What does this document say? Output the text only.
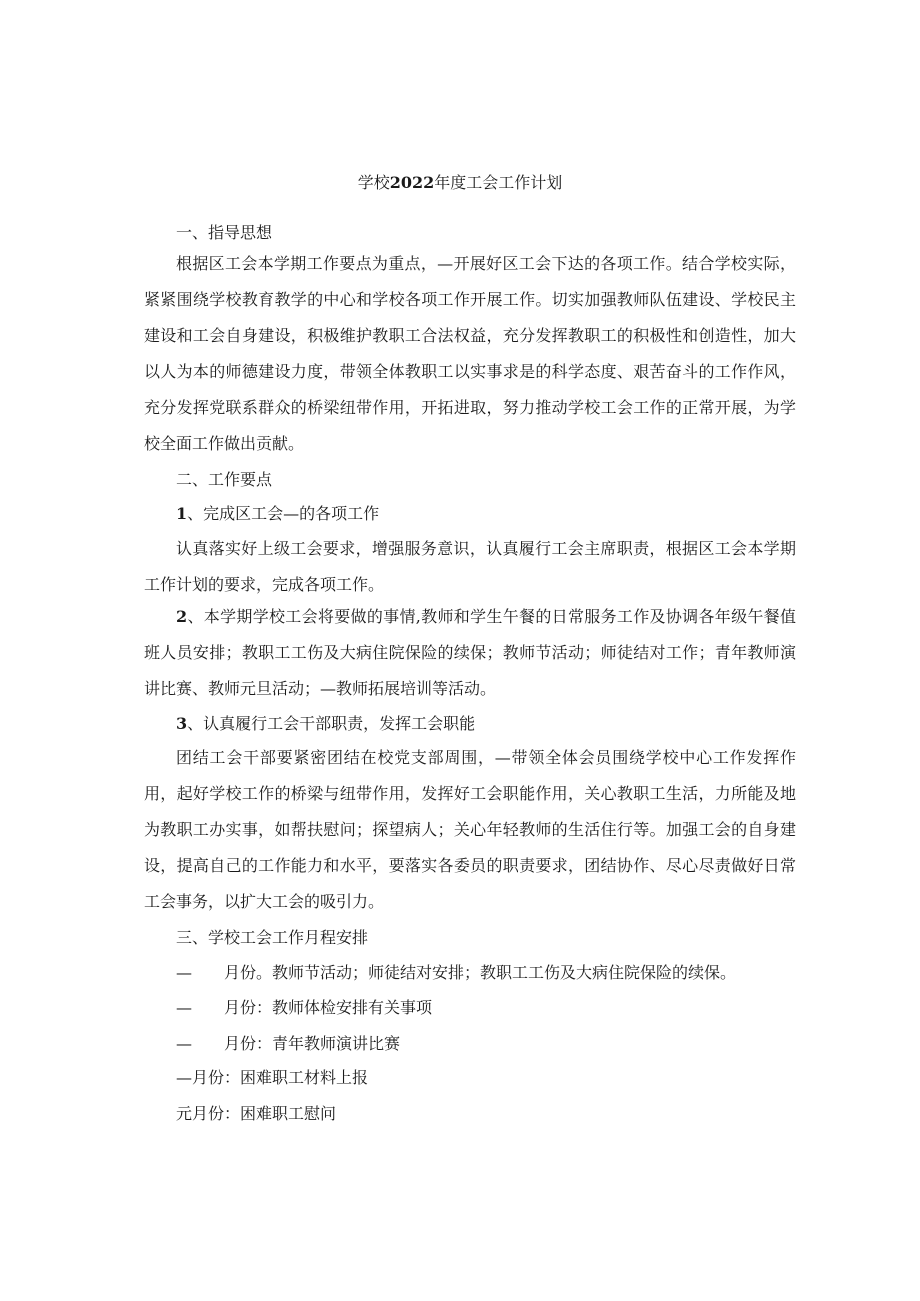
学校2022年度工会工作计划
一、指导思想
根据区工会本学期工作要点为重点，—开展好区工会下达的各项工作。结合学校实际，紧紧围绕学校教育教学的中心和学校各项工作开展工作。切实加强教师队伍建设、学校民主建设和工会自身建设，积极维护教职工合法权益，充分发挥教职工的积极性和创造性，加大以人为本的师德建设力度，带领全体教职工以实事求是的科学态度、艰苦奋斗的工作作风，充分发挥党联系群众的桥梁纽带作用，开拓进取，努力推动学校工会工作的正常开展，为学校全面工作做出贡献。
二、工作要点
1、完成区工会—的各项工作
认真落实好上级工会要求，增强服务意识，认真履行工会主席职责，根据区工会本学期工作计划的要求，完成各项工作。
2、本学期学校工会将要做的事情,教师和学生午餐的日常服务工作及协调各年级午餐值班人员安排；教职工工伤及大病住院保险的续保；教师节活动；师徒结对工作；青年教师演讲比赛、教师元旦活动；—教师拓展培训等活动。
3、认真履行工会干部职责，发挥工会职能
团结工会干部要紧密团结在校党支部周围，—带领全体会员围绕学校中心工作发挥作用，起好学校工作的桥梁与纽带作用，发挥好工会职能作用，关心教职工生活，力所能及地为教职工办实事，如帮扶慰问；探望病人；关心年轻教师的生活住行等。加强工会的自身建设，提高自己的工作能力和水平，要落实各委员的职责要求，团结协作、尽心尽责做好日常工会事务，以扩大工会的吸引力。
三、学校工会工作月程安排
— 月份。教师节活动；师徒结对安排；教职工工伤及大病住院保险的续保。
— 月份：教师体检安排有关事项
— 月份：青年教师演讲比赛
—月份：困难职工材料上报
元月份：困难职工慰问
